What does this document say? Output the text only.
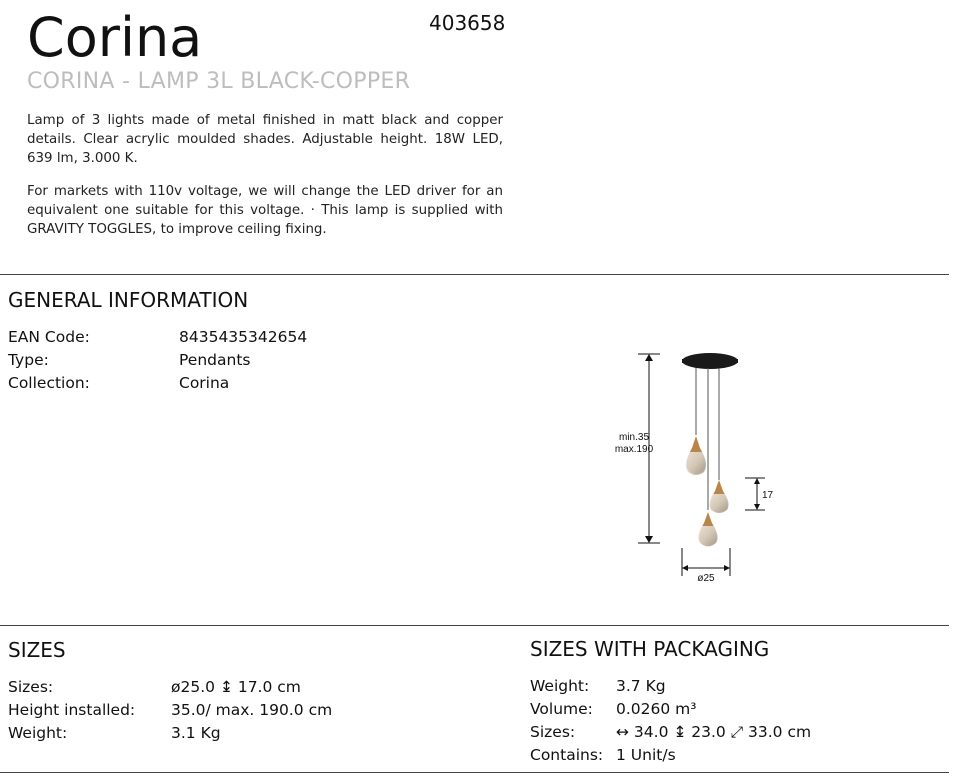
Corina	403658
CORINA - LAMP 3L BLACK-COPPER

Lamp of 3 lights made of metal finished in matt black and copper details. Clear acrylic moulded shades. Adjustable height. 18W LED, 639 lm, 3.000 K.

For markets with 110v voltage, we will change the LED driver for an equivalent one suitable for this voltage. · This lamp is supplied with GRAVITY TOGGLES, to improve ceiling fixing.

GENERAL INFORMATION
EAN Code:	8435435342654
Type:	Pendants
Collection:	Corina
min.35
max.190
17
ø25
SIZES
Sizes:	ø25.0 ↨ 17.0 cm
Height installed: 35.0/ max. 190.0 cm
Weight:	3.1 Kg
SIZES WITH PACKAGING
Weight: 3.7 Kg
Volume: 0.0260 m³
Sizes:	↔ 34.0 ↨ 23.0 ⤢ 33.0 cm
Contains: 1 Unit/s
